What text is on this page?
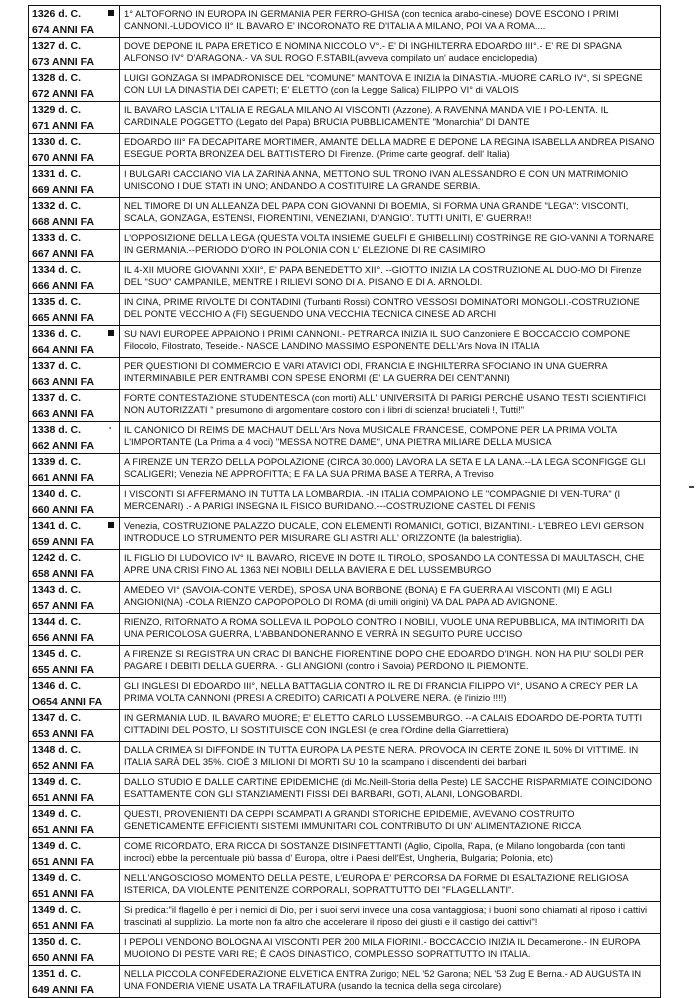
1326 d. C.
674 ANNI FA	1° ALTOFORNO IN EUROPA IN GERMANIA PER FERRO-GHISA (con tecnica arabo-cinese) DOVE ESCONO I PRIMI CANNONI.-LUDOVICO II° IL BAVARO E' INCORONATO RE D'ITALIA A MILANO, POI VA A ROMA....

1327 d. C.
673 ANNI FA	DOVE DEPONE IL PAPA ERETICO E NOMINA NICCOLO V°.- E' DI INGHILTERRA EDOARDO III°.- E' RE DI SPAGNA ALFONSO IV° D'ARAGONA.- VA SUL ROGO F.STABIL(avveva compilato un' audace enciclopedia)

1328 d. C.
672 ANNI FA	LUIGI GONZAGA SI IMPADRONISCE DEL "COMUNE" MANTOVA E INIZIA la DINASTIA.-MUORE CARLO IV°, SI SPEGNE CON LUI LA DINASTIA DEI CAPETI; E' ELETTO (con la Legge Salica) FILIPPO VI° di VALOIS

1329 d. C.
671 ANNI FA	IL BAVARO LASCIA L'ITALIA E REGALA MILANO AI VISCONTI (Azzone). A RAVENNA MANDA VIE I PO-LENTA. IL CARDINALE POGGETTO (Legato del Papa) BRUCIA PUBBLICAMENTE "Monarchia" DI DANTE

1330 d. C.
670 ANNI FA	EDOARDO III° FA DECAPITARE MORTIMER, AMANTE DELLA MADRE E DEPONE LA REGINA ISABELLA ANDREA PISANO ESEGUE PORTA BRONZEA DEL BATTISTERO DI Firenze. (Prime carte geograf. dell' Italia)

1331 d. C.
669 ANNI FA	I BULGARI CACCIANO VIA LA ZARINA ANNA, METTONO SUL TRONO IVAN ALESSANDRO E CON UN MATRIMONIO UNISCONO I DUE STATI IN UNO; ANDANDO A COSTITUIRE LA GRANDE SERBIA.

1332 d. C.
668 ANNI FA	NEL TIMORE DI UN ALLEANZA DEL PAPA CON GIOVANNI DI BOEMIA, SI FORMA UNA GRANDE "LEGA": VISCONTI, SCALA, GONZAGA, ESTENSI, FIORENTINI, VENEZIANI, D'ANGIO'. TUTTI UNITI, E' GUERRA!!

1333 d. C.
667 ANNI FA	L'OPPOSIZIONE DELLA LEGA (QUESTA VOLTA INSIEME GUELFI E GHIBELLINI) COSTRINGE RE GIO-VANNI A TORNARE IN GERMANIA.--PERIODO D'ORO IN POLONIA CON L' ELEZIONE DI RE CASIMIRO

1334 d. C.
666 ANNI FA	IL 4-XII MUORE GIOVANNI XXII°, E' PAPA BENEDETTO XII°. --GIOTTO INIZIA LA COSTRUZIONE AL DUO-MO DI Firenze DEL "SUO" CAMPANILE, MENTRE I RILIEVI SONO DI A. PISANO E DI A. ARNOLDI.

1335 d. C.
665 ANNI FA	IN CINA, PRIME RIVOLTE DI CONTADINI (Turbanti Rossi) CONTRO VESSOSI DOMINATORI MONGOLI.-COSTRUZIONE DEL PONTE VECCHIO A (FI) SEGUENDO UNA VECCHIA TECNICA CINESE AD ARCHI

1336 d. C.
664 ANNI FA	SU NAVI EUROPEE APPAIONO I PRIMI CANNONI.- PETRARCA INIZIA IL SUO Canzoniere E BOCCACCIO COMPONE Filocolo, Filostrato, Teseide.- NASCE LANDINO MASSIMO ESPONENTE DELL'Ars Nova IN ITALIA

1337 d. C.
663 ANNI FA	PER QUESTIONI DI COMMERCIO E VARI ATAVICI ODI, FRANCIA E INGHILTERRA SFOCIANO IN UNA GUERRA INTERMINABILE PER ENTRAMBI CON SPESE ENORMI (E' LA GUERRA DEI CENT'ANNI)

1337 d. C.
663 ANNI FA	FORTE CONTESTAZIONE STUDENTESCA (con morti) ALL' UNIVERSITÀ DI PARIGI PERCHÉ USANO TESTI SCIENTIFICI NON AUTORIZZATI " presumono di argomentare costoro con i libri di scienza! bruciateli !, Tutti!"

1338 d. C.
662 ANNI FA
'	IL CANONICO DI REIMS DE MACHAUT DELL'Ars Nova MUSICALE FRANCESE, COMPONE PER LA PRIMA VOLTA L'IMPORTANTE (La Prima a 4 voci) "MESSA NOTRE DAME", UNA PIETRA MILIARE DELLA MUSICA

1339 d. C.
661 ANNI FA	A FIRENZE UN TERZO DELLA POPOLAZIONE (CIRCA 30.000) LAVORA LA SETA E LA LANA.--LA LEGA SCONFIGGE GLI SCALIGERI; Venezia NE APPROFITTA; E FA LA SUA PRIMA BASE A TERRA, A Treviso

1340 d. C.
660 ANNI FA	I VISCONTI SI AFFERMANO IN TUTTA LA LOMBARDIA. -IN ITALIA COMPAIONO LE "COMPAGNIE DI VEN-TURA" (I MERCENARI) .- A PARIGI INSEGNA IL FISICO BURIDANO.---COSTRUZIONE CASTEL DI FENIS

1341 d. C.
659 ANNI FA	Venezia, COSTRUZIONE PALAZZO DUCALE, CON ELEMENTI ROMANICI, GOTICI, BIZANTINI.- L'EBREO LEVI GERSON INTRODUCE LO STRUMENTO PER MISURARE GLI ASTRI ALL' ORIZZONTE (la balestriglia).

1242 d. C.
658 ANNI FA	IL FIGLIO DI LUDOVICO IV° IL BAVARO, RICEVE IN DOTE IL TIROLO, SPOSANDO LA CONTESSA DI MAULTASCH, CHE APRE UNA CRISI FINO AL 1363 NEI NOBILI DELLA BAVIERA E DEL LUSSEMBURGO

1343 d. C.
657 ANNI FA	AMEDEO VI° (SAVOIA-CONTE VERDE), SPOSA UNA BORBONE (BONA) E FA GUERRA AI VISCONTI (MI) E AGLI ANGIONI(NA) -COLA RIENZO CAPOPOPOLO DI ROMA (di umili origini) VA DAL PAPA AD AVIGNONE.

1344 d. C.
656 ANNI FA	RIENZO, RITORNATO A ROMA SOLLEVA IL POPOLO CONTRO I NOBILI, VUOLE UNA REPUBBLICA, MA INTIMORITI DA UNA PERICOLOSA GUERRA, L'ABBANDONERANNO E VERRÀ IN SEGUITO PURE UCCISO

1345 d. C.
655 ANNI FA	A FIRENZE SI REGISTRA UN CRAC DI BANCHE FIORENTINE DOPO CHE EDOARDO D'INGH. NON HA PIU' SOLDI PER PAGARE I DEBITI DELLA GUERRA. - GLI ANGIONI (contro i Savoia) PERDONO IL PIEMONTE.

1346 d. C.
O654 ANNI FA	GLI INGLESI DI EDOARDO III°, NELLA BATTAGLIA CONTRO IL RE DI FRANCIA FILIPPO VI°, USANO A CRECY PER LA PRIMA VOLTA CANNONI (PRESI A CREDITO) CARICATI A POLVERE NERA. (è l'inizio !!!!)

1347 d. C.
653 ANNI FA	IN GERMANIA LUD. IL BAVARO MUORE; E' ELETTO CARLO LUSSEMBURGO. --A CALAIS EDOARDO DE-PORTA TUTTI CITTADINI DEL POSTO, LI SOSTITUISCE CON INGLESI (e crea l'Ordine della Giarrettiera)

1348 d. C.
652 ANNI FA	DALLA CRIMEA SI DIFFONDE IN TUTTA EUROPA LA PESTE NERA. PROVOCA IN CERTE ZONE IL 50% DI VITTIME. IN ITALIA SARÀ DEL 35%. CIOÈ 3 MILIONI DI MORTI SU 10 la scampano i discendenti dei barbari

1349 d. C.
651 ANNI FA	DALLO STUDIO E DALLE CARTINE EPIDEMICHE (di Mc.Neill-Storia della Peste) LE SACCHE RISPARMIATE COINCIDONO ESATTAMENTE CON GLI STANZIAMENTI FISSI DEI BARBARI, GOTI, ALANI, LONGOBARDI.

1349 d. C.
651 ANNI FA	QUESTI, PROVENIENTI DA CEPPI SCAMPATI A GRANDI STORICHE EPIDEMIE, AVEVANO COSTRUITO GENETICAMENTE EFFICIENTI SISTEMI IMMUNITARI COL CONTRIBUTO DI UN' ALIMENTAZIONE RICCA

1349 d. C.
651 ANNI FA	COME RICORDATO, ERA RICCA DI SOSTANZE DISINFETTANTI (Aglio, Cipolla, Rapa, (e Milano longobarda (con tanti incroci) ebbe la percentuale più bassa d' Europa, oltre i Paesi dell'Est, Ungheria, Bulgaria; Polonia, etc)

1349 d. C.
651 ANNI FA	NELL'ANGOSCIOSO MOMENTO DELLA PESTE, L'EUROPA E' PERCORSA DA FORME DI ESALTAZIONE RELIGIOSA ISTERICA, DA VIOLENTE PENITENZE CORPORALI, SOPRATTUTTO DEI "FLAGELLANTI".

1349 d. C.
651 ANNI FA	Si predica:"il flagello è per i nemici di Dio, per i suoi servi invece una cosa vantaggiosa; i buoni sono chiamati al riposo i cattivi trascinati al supplizio. La morte non fa altro che accelerare il riposo dei giusti e il castigo dei cattivi"!

1350 d. C.
650 ANNI FA	I PEPOLI VENDONO BOLOGNA AI VISCONTI PER 200 MILA FIORINI.- BOCCACCIO INIZIA IL Decamerone.- IN EUROPA MUOIONO DI PESTE VARI RE; È CAOS DINASTICO, COMPLESSO SOPRATTUTTO IN ITALIA.

1351 d. C.
649 ANNI FA	NELLA PICCOLA CONFEDERAZIONE ELVETICA ENTRA Zurigo; NEL '52 Garona; NEL '53 Zug E Berna.- AD AUGUSTA IN UNA FONDERIA VIENE USATA LA TRAFILATURA (usando la tecnica della sega circolare)
